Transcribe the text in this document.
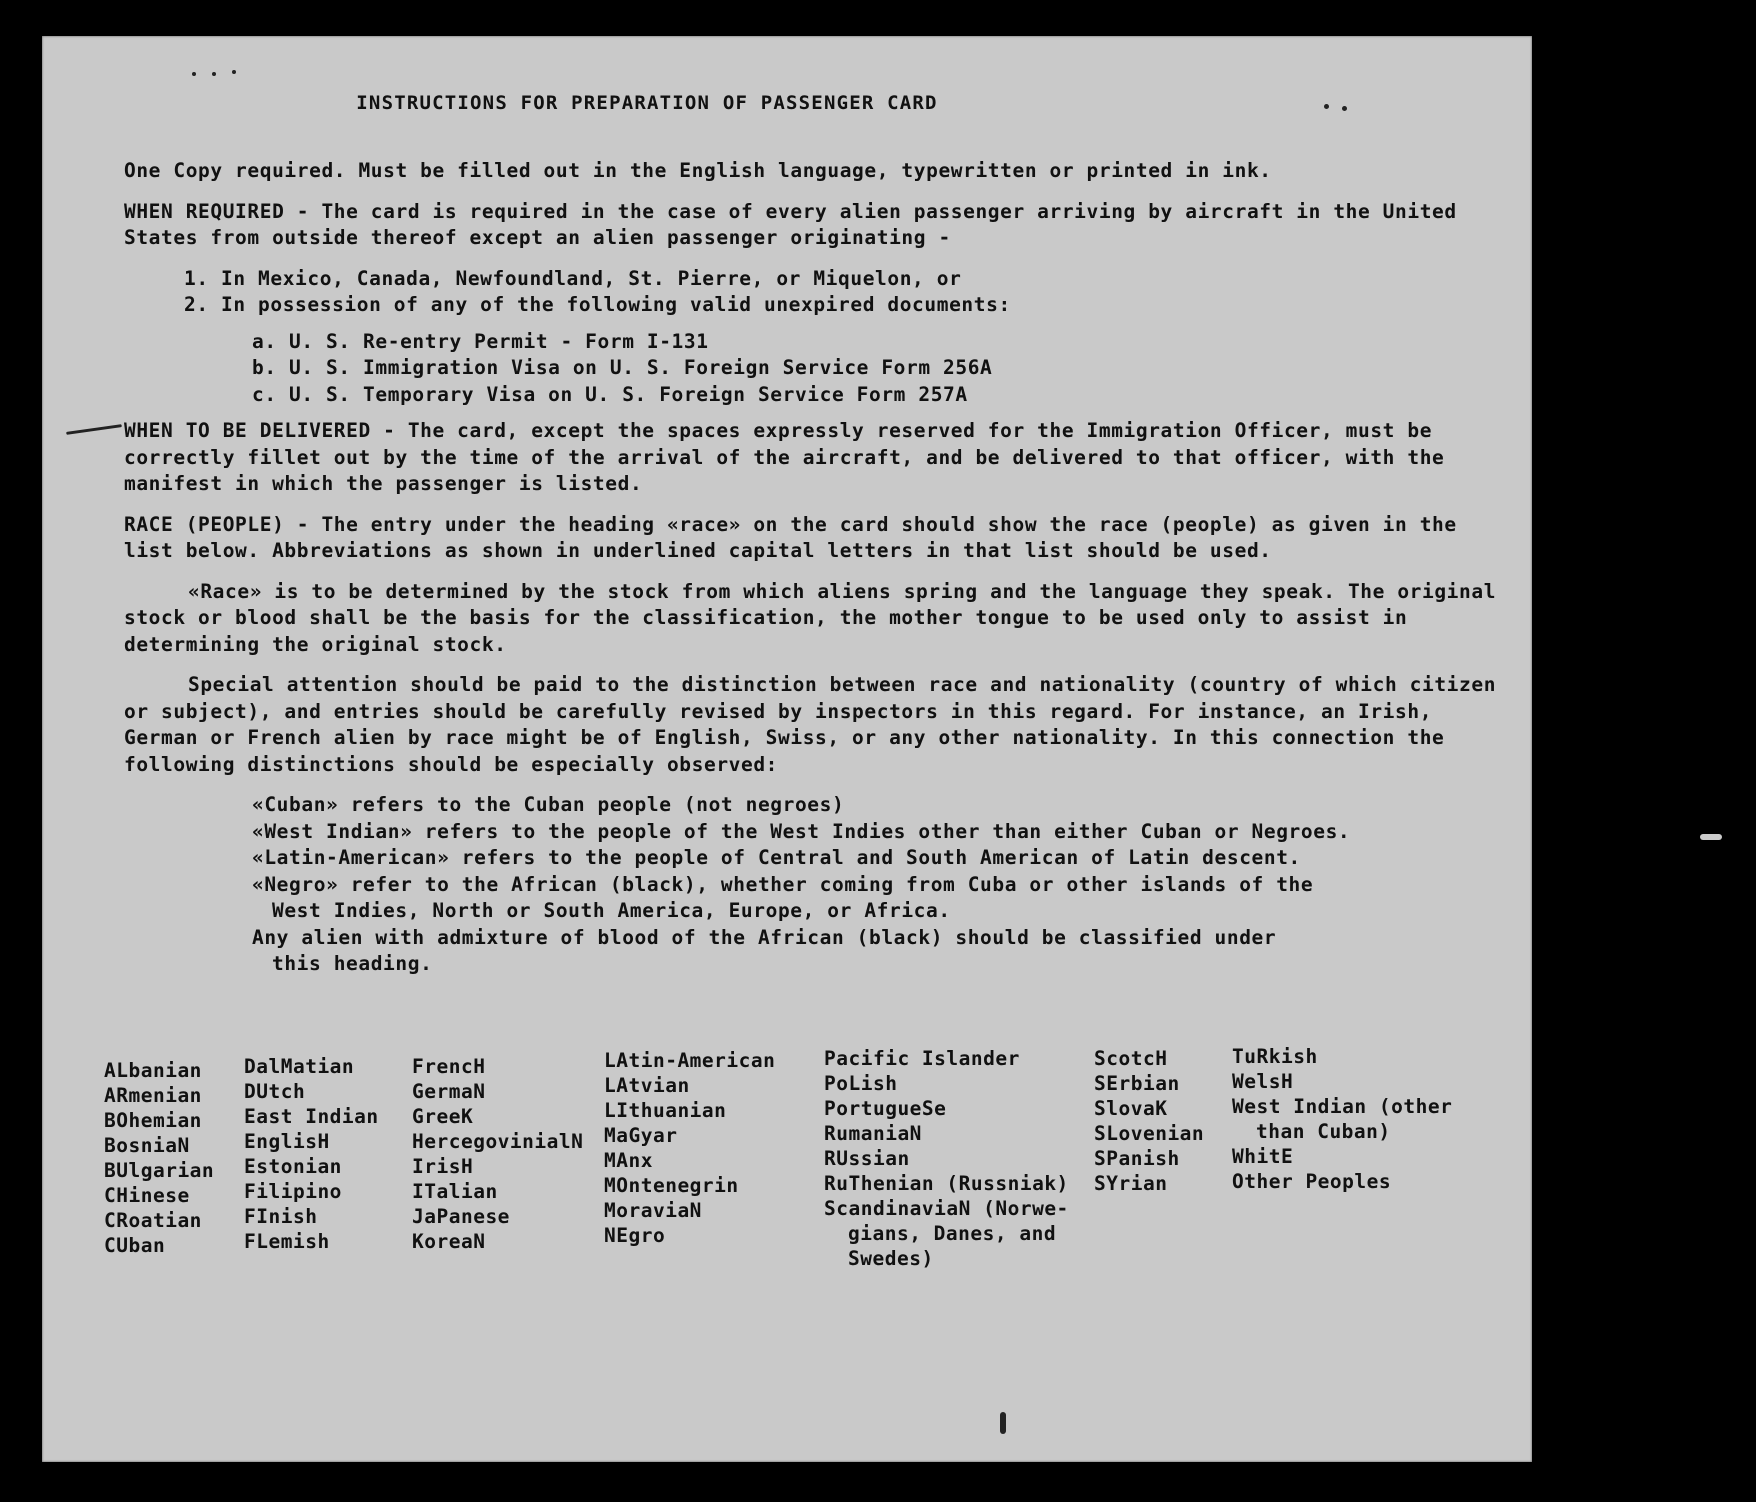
INSTRUCTIONS FOR PREPARATION OF PASSENGER CARD

One Copy required. Must be filled out in the English language, typewritten or printed in ink.

WHEN REQUIRED - The card is required in the case of every alien passenger arriving by aircraft in the United States from outside thereof except an alien passenger originating -

1. In Mexico, Canada, Newfoundland, St. Pierre, or Miquelon, or
2. In possession of any of the following valid unexpired documents:
a. U. S. Re-entry Permit - Form I-131
b. U. S. Immigration Visa on U. S. Foreign Service Form 256A
c. U. S. Temporary Visa on U. S. Foreign Service Form 257A

WHEN TO BE DELIVERED - The card, except the spaces expressly reserved for the Immigration Officer, must be correctly fillet out by the time of the arrival of the aircraft, and be delivered to that officer, with the manifest in which the passenger is listed.

RACE (PEOPLE) - The entry under the heading «race» on the card should show the race (people) as given in the list below. Abbreviations as shown in underlined capital letters in that list should be used.

«Race» is to be determined by the stock from which aliens spring and the language they speak. The original stock or blood shall be the basis for the classification, the mother tongue to be used only to assist in determining the original stock.

Special attention should be paid to the distinction between race and nationality (country of which citizen or subject), and entries should be carefully revised by inspectors in this regard. For instance, an Irish, German or French alien by race might be of English, Swiss, or any other nationality. In this connection the following distinctions should be especially observed:

«Cuban» refers to the Cuban people (not negroes)
«West Indian» refers to the people of the West Indies other than either Cuban or Negroes.
«Latin-American» refers to the people of Central and South American of Latin descent.
«Negro» refer to the African (black), whether coming from Cuba or other islands of the
West Indies, North or South America, Europe, or Africa.
Any alien with admixture of blood of the African (black) should be classified under
this heading.
ALbanian
ARmenian
BOhemian
BosniaN
BUlgarian
CHinese
CRoatian
CUban
DalMatian
DUtch
East Indian
EnglisH
Estonian
Filipino
FInish
FLemish
FrencH
GermaN
GreeK
HercegovinialN
IrisH
ITalian
JaPanese
KoreaN
LAtin-American
LAtvian
LIthuanian
MaGyar
MAnx
MOntenegrin
MoraviaN
NEgro
Pacific Islander
PoLish
PortugueSe
RumaniaN
RUssian
RuThenian (Russniak)
ScandinaviaN (Norwe-
gians, Danes, and
Swedes)
ScotcH
SErbian
SlovaK
SLovenian
SPanish
SYrian
TuRkish
WelsH
West Indian (other
than Cuban)
WhitE
Other Peoples
